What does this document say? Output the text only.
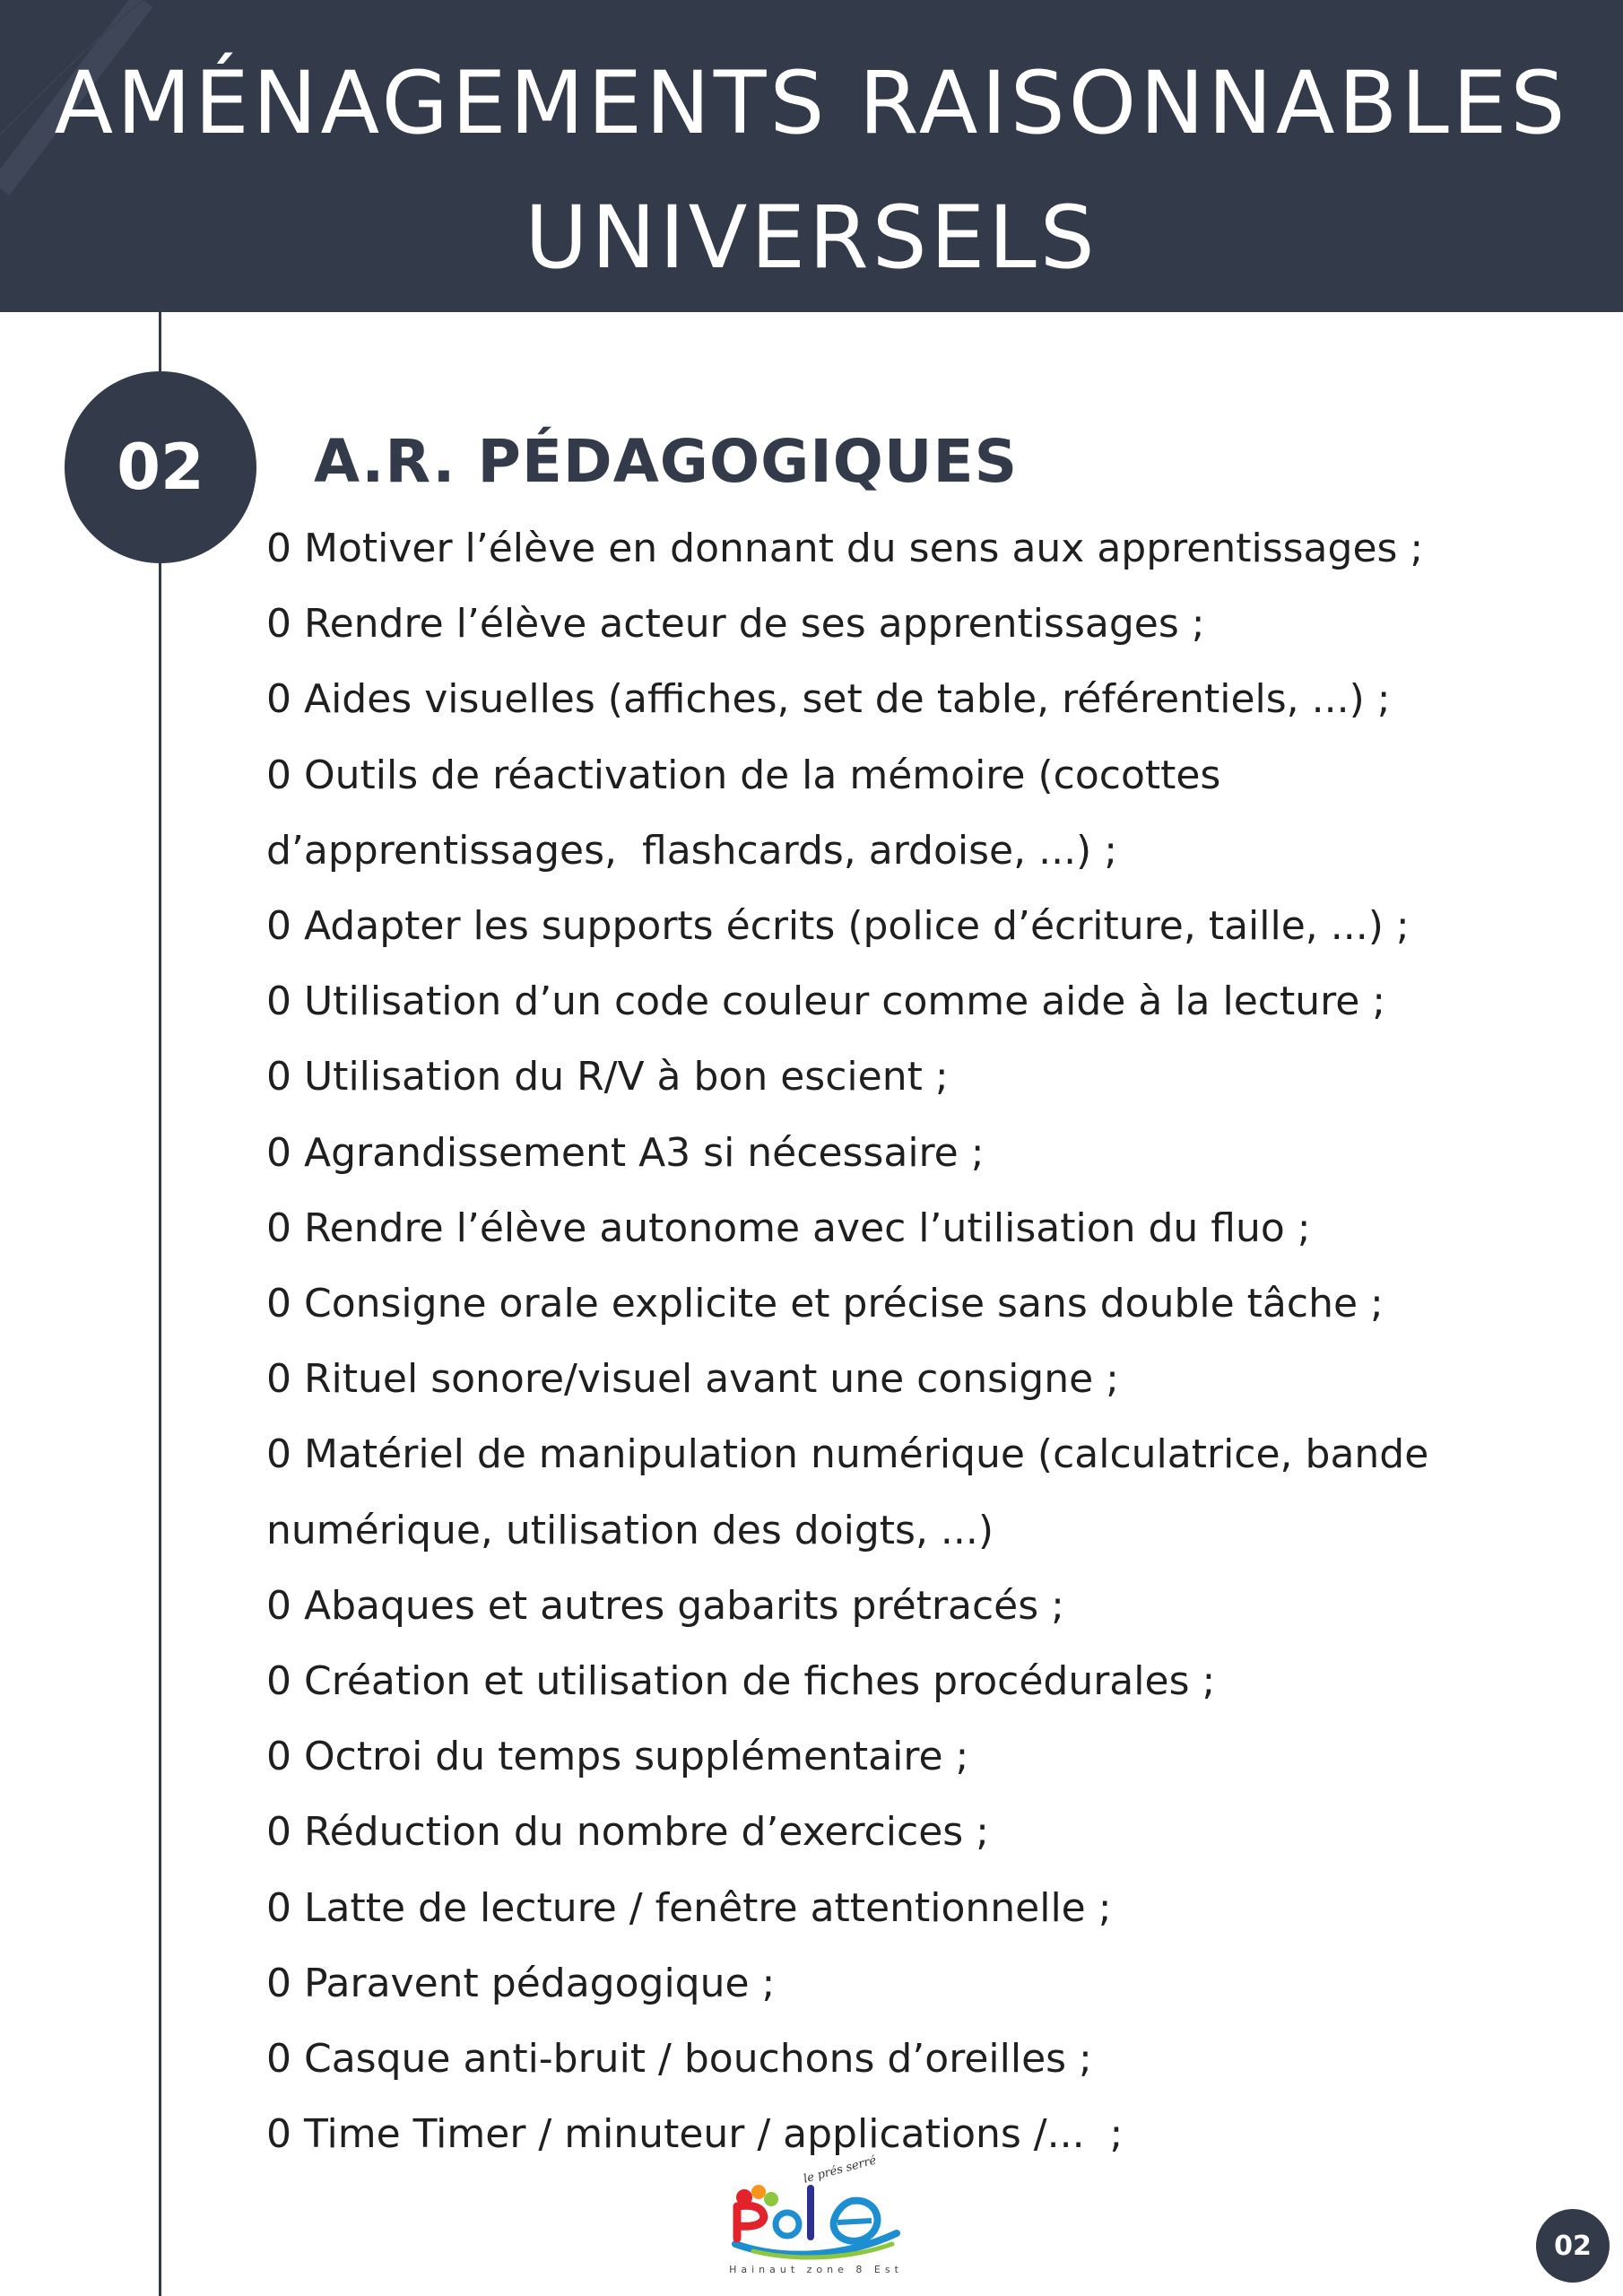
AMÉNAGEMENTS RAISONNABLES
UNIVERSELS
02	A.R. PÉDAGOGIQUES
0 Motiver l’élève en donnant du sens aux apprentissages ;
0 Rendre l’élève acteur de ses apprentissages ;
0 Aides visuelles (affiches, set de table, référentiels, ...) ;
0 Outils de réactivation de la mémoire (cocottes
d’apprentissages,  flashcards, ardoise, ...) ;
0 Adapter les supports écrits (police d’écriture, taille, ...) ;
0 Utilisation d’un code couleur comme aide à la lecture ;
0 Utilisation du R/V à bon escient ;
0 Agrandissement A3 si nécessaire ;
0 Rendre l’élève autonome avec l’utilisation du fluo ;
0 Consigne orale explicite et précise sans double tâche ;
0 Rituel sonore/visuel avant une consigne ;
0 Matériel de manipulation numérique (calculatrice, bande
numérique, utilisation des doigts, ...)
0 Abaques et autres gabarits prétracés ;
0 Création et utilisation de fiches procédurales ;
0 Octroi du temps supplémentaire ;
0 Réduction du nombre d’exercices ;
0 Latte de lecture / fenêtre attentionnelle ;
0 Paravent pédagogique ;
0 Casque anti-bruit / bouchons d’oreilles ;
0 Time Timer / minuteur / applications /...  ;
le prés serré
Hainaut zone 8 Est
02
